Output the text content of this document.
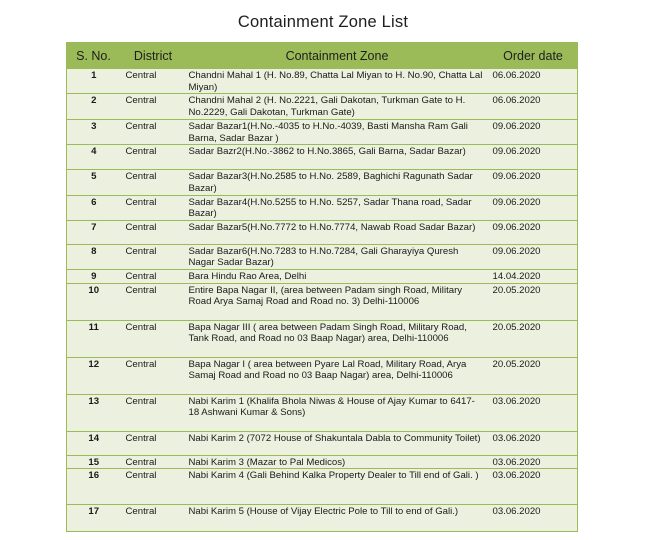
Containment Zone List
S. No.	District	Containment Zone	Order date
1	Central	Chandni Mahal 1 (H. No.89, Chatta Lal Miyan to H. No.90, Chatta Lal Miyan)	06.06.2020
2	Central	Chandni Mahal 2 (H. No.2221, Gali Dakotan, Turkman Gate to H. No.2229, Gali Dakotan, Turkman Gate)	06.06.2020
3	Central	Sadar Bazar1(H.No.-4035 to H.No.-4039, Basti Mansha Ram Gali Barna, Sadar Bazar )	09.06.2020
4	Central	Sadar Bazr2(H.No.-3862 to H.No.3865, Gali Barna, Sadar Bazar)	09.06.2020
5	Central	Sadar Bazar3(H.No.2585 to H.No. 2589, Baghichi Ragunath Sadar Bazar)	09.06.2020
6	Central	Sadar Bazar4(H.No.5255 to H.No. 5257, Sadar Thana road, Sadar Bazar)	09.06.2020
7	Central	Sadar Bazar5(H.No.7772 to H.No.7774, Nawab Road Sadar Bazar)	09.06.2020
8	Central	Sadar Bazar6(H.No.7283 to H.No.7284, Gali Gharayiya Quresh Nagar Sadar Bazar)	09.06.2020
9	Central	Bara Hindu Rao Area, Delhi	14.04.2020
10	Central	Entire Bapa Nagar II, (area between Padam singh Road, Military Road Arya Samaj Road and Road no. 3) Delhi-110006	20.05.2020
11	Central	Bapa Nagar III ( area between Padam Singh Road, Military Road, Tank Road, and Road no 03 Baap Nagar) area, Delhi-110006	20.05.2020
12	Central	Bapa Nagar I ( area between Pyare Lal Road, Military Road, Arya Samaj Road and Road no 03 Baap Nagar) area, Delhi-110006	20.05.2020
13	Central	Nabi Karim 1 (Khalifa Bhola Niwas & House of Ajay Kumar to 6417-18 Ashwani Kumar & Sons)	03.06.2020
14	Central	Nabi Karim 2 (7072 House of Shakuntala Dabla to Community Toilet)	03.06.2020
15	Central	Nabi Karim 3 (Mazar to Pal Medicos)	03.06.2020
16	Central	Nabi Karim 4 (Gali Behind Kalka Property Dealer to Till end of Gali. )	03.06.2020
17	Central	Nabi Karim 5 (House of Vijay Electric Pole to Till to end of Gali.)	03.06.2020
